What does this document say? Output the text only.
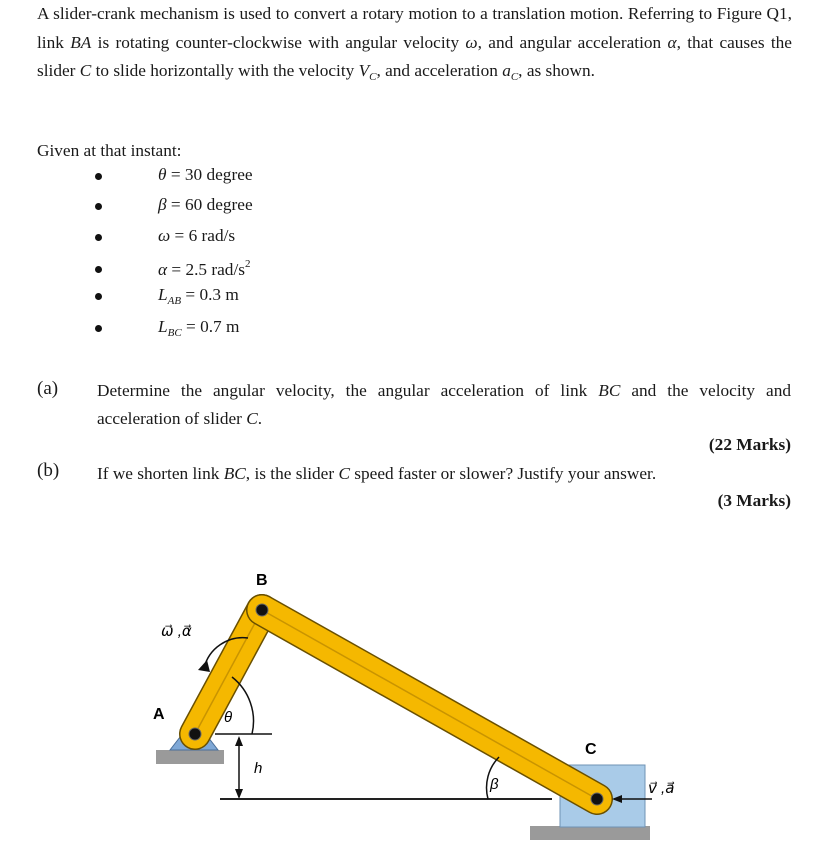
A slider-crank mechanism is used to convert a rotary motion to a translation motion. Referring to Figure Q1, link BA is rotating counter-clockwise with angular velocity ω, and angular acceleration α, that causes the slider C to slide horizontally with the velocity $V_C$, and acceleration $a_C$, as shown.
Given at that instant:
θ = 30 degree
β = 60 degree
ω = 6 rad/s
α = 2.5 rad/$s^2$
$L_{AB} = 0.3$ m
$L_{BC} = 0.7$ m
(a) Determine the angular velocity, the angular acceleration of link BC and the velocity and acceleration of slider C.
(22 Marks)
(b) If we shorten link BC, is the slider C speed faster or slower? Justify your answer.
(3 Marks)
B
A
C
θ
β
h
ω⃗ ,α⃗
v⃗ ,a⃗
